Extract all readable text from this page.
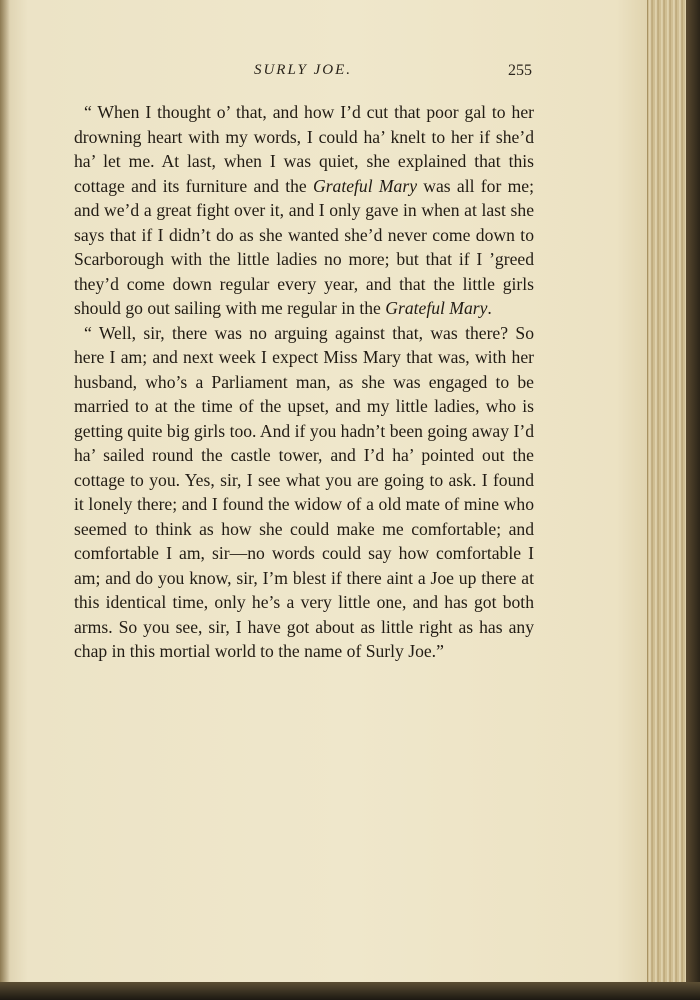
SURLY JOE.	255

“ When I thought o’ that, and how I’d cut that poor gal to her drowning heart with my words, I could ha’ knelt to her if she’d ha’ let me. At last, when I was quiet, she explained that this cottage and its furniture and the Grateful Mary was all for me; and we’d a great fight over it, and I only gave in when at last she says that if I didn’t do as she wanted she’d never come down to Scarborough with the little ladies no more; but that if I ’greed they’d come down regular every year, and that the little girls should go out sailing with me regular in the Grateful Mary.

“ Well, sir, there was no arguing against that, was there? So here I am; and next week I expect Miss Mary that was, with her husband, who’s a Parliament man, as she was engaged to be married to at the time of the upset, and my little ladies, who is getting quite big girls too. And if you hadn’t been going away I’d ha’ sailed round the castle tower, and I’d ha’ pointed out the cottage to you. Yes, sir, I see what you are going to ask. I found it lonely there; and I found the widow of a old mate of mine who seemed to think as how she could make me comfortable; and comfortable I am, sir—no words could say how comfortable I am; and do you know, sir, I’m blest if there aint a Joe up there at this identical time, only he’s a very little one, and has got both arms. So you see, sir, I have got about as little right as has any chap in this mortial world to the name of Surly Joe.”
